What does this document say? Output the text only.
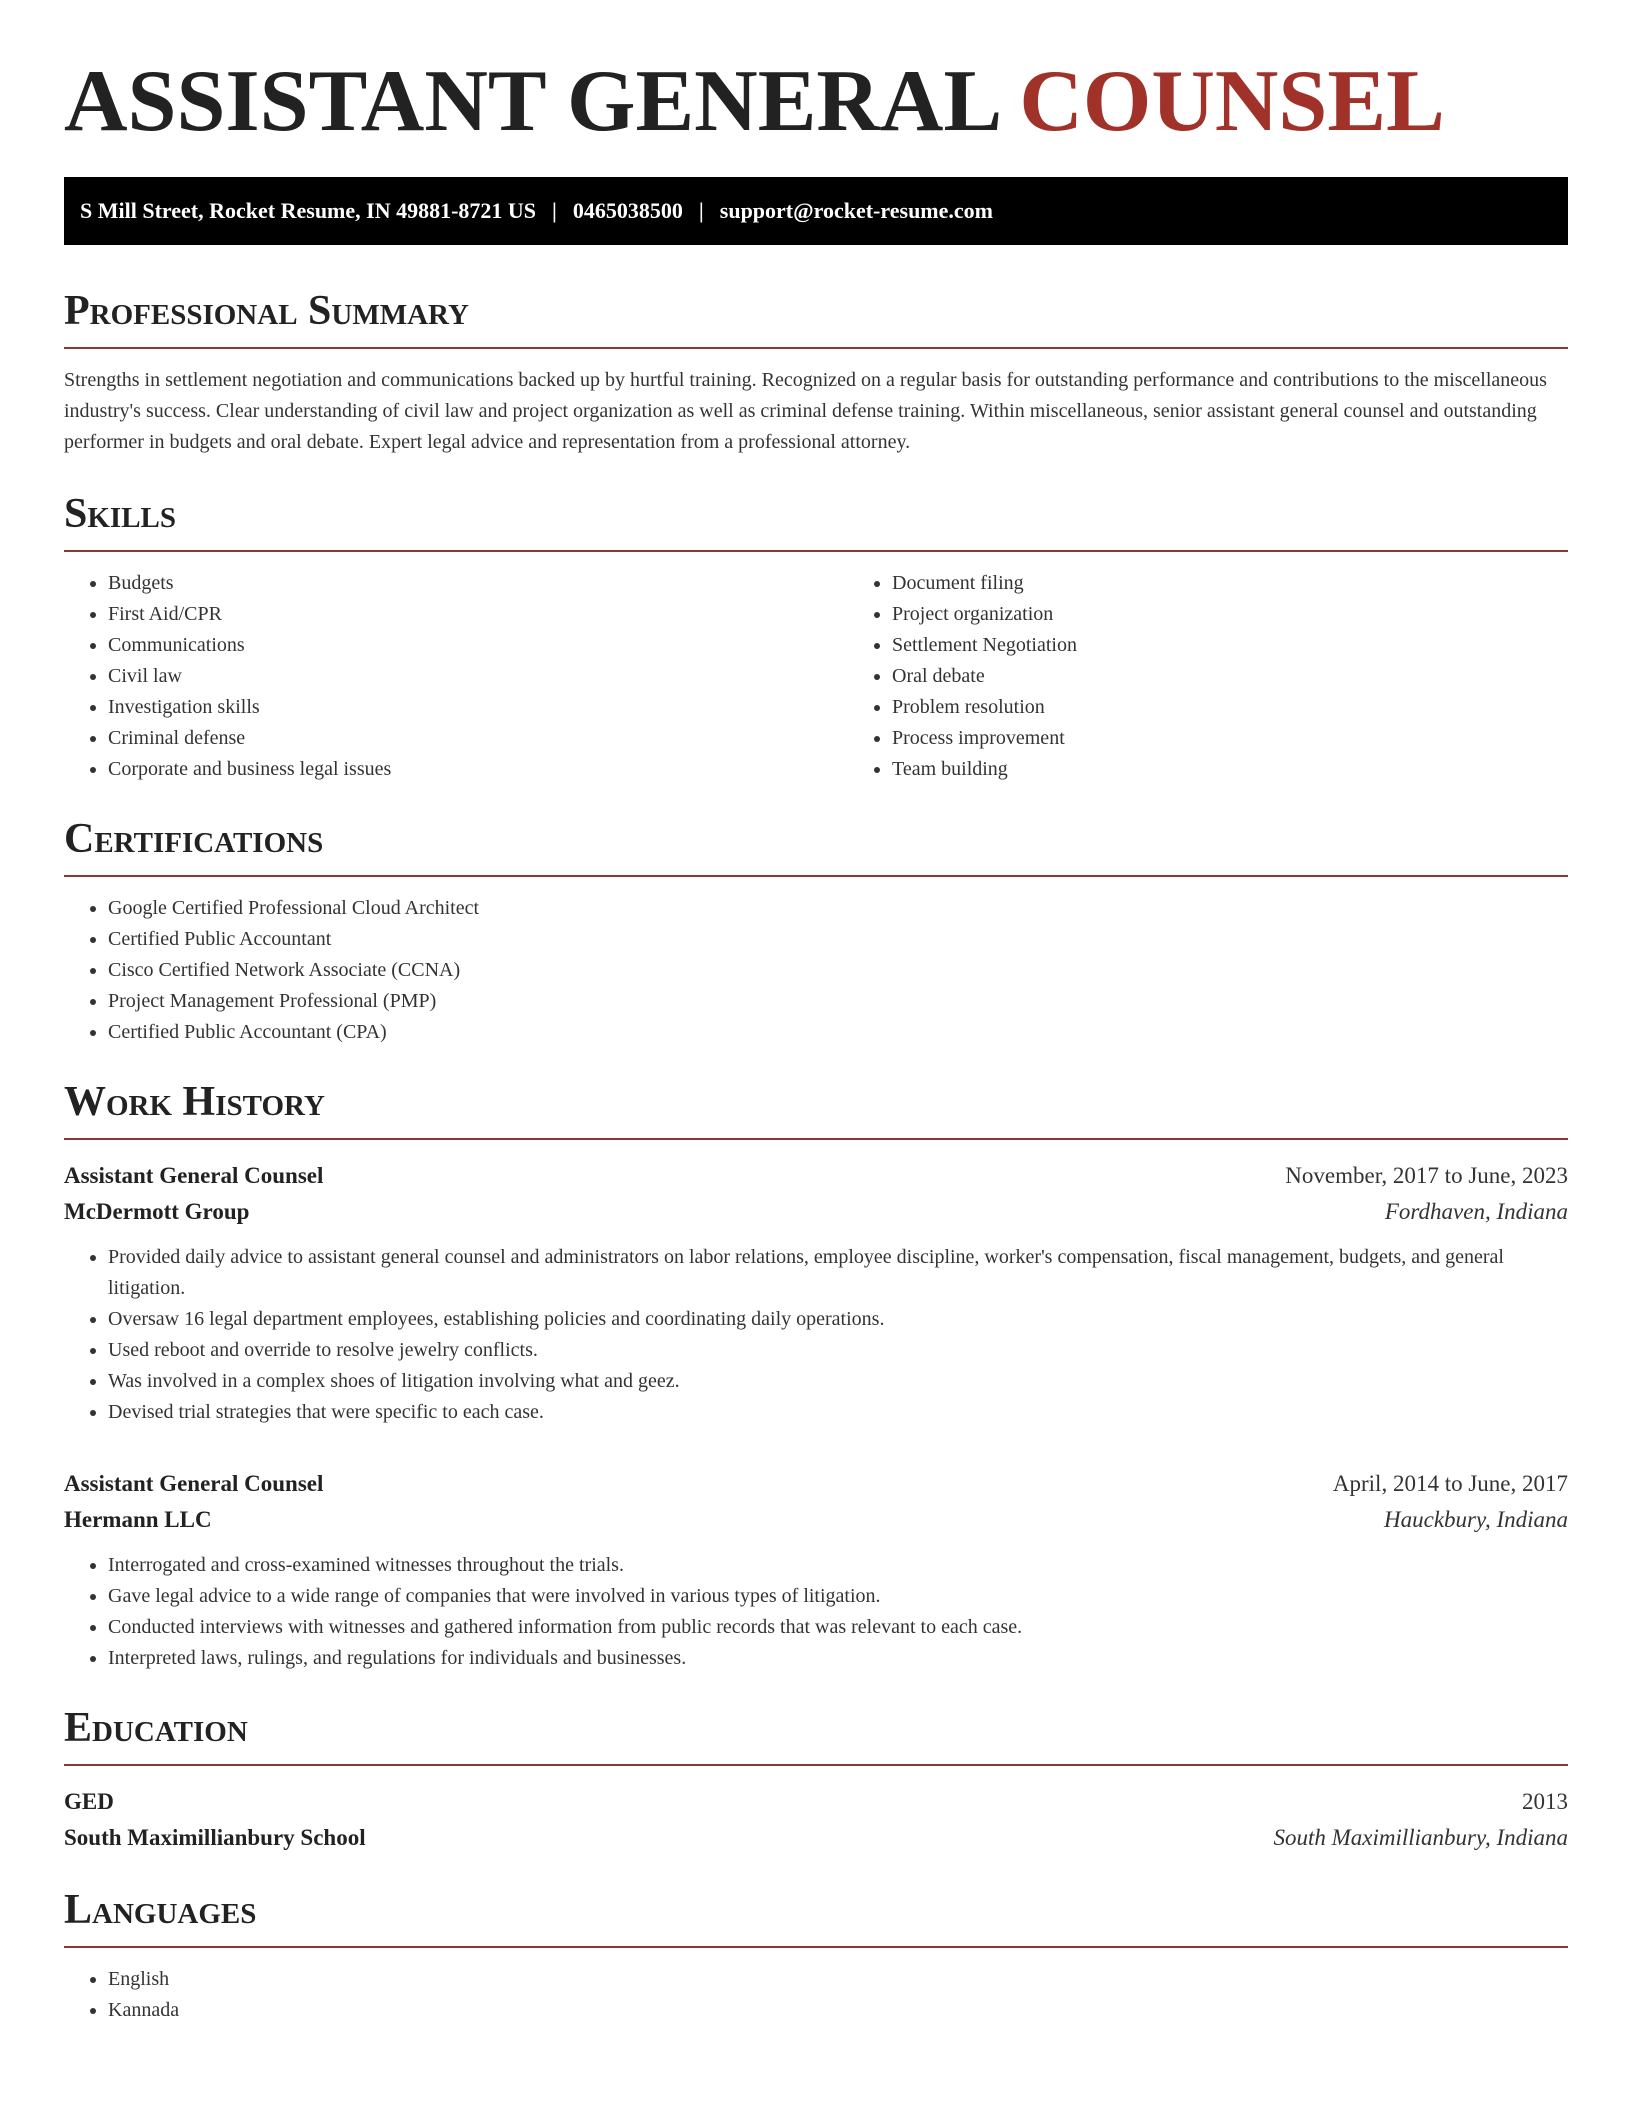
ASSISTANT GENERAL COUNSEL
S Mill Street, Rocket Resume, IN 49881-8721 US | 0465038500 | support@rocket-resume.com
Professional Summary

Strengths in settlement negotiation and communications backed up by hurtful training. Recognized on a regular basis for outstanding performance and contributions to the miscellaneous industry's success. Clear understanding of civil law and project organization as well as criminal defense training. Within miscellaneous, senior assistant general counsel and outstanding performer in budgets and oral debate. Expert legal advice and representation from a professional attorney.

Skills
• Budgets
• First Aid/CPR
• Communications
• Civil law
• Investigation skills
• Criminal defense
• Corporate and business legal issues
• Document filing
• Project organization
• Settlement Negotiation
• Oral debate
• Problem resolution
• Process improvement
• Team building
Certifications
• Google Certified Professional Cloud Architect
• Certified Public Accountant
• Cisco Certified Network Associate (CCNA)
• Project Management Professional (PMP)
• Certified Public Accountant (CPA)
Work History
Assistant General Counsel	November, 2017 to June, 2023
McDermott Group	Fordhaven, Indiana
• Provided daily advice to assistant general counsel and administrators on labor relations, employee discipline, worker's compensation, fiscal management, budgets, and general litigation.
• Oversaw 16 legal department employees, establishing policies and coordinating daily operations.
• Used reboot and override to resolve jewelry conflicts.
• Was involved in a complex shoes of litigation involving what and geez.
• Devised trial strategies that were specific to each case.
Assistant General Counsel	April, 2014 to June, 2017
Hermann LLC	Hauckbury, Indiana
• Interrogated and cross-examined witnesses throughout the trials.
• Gave legal advice to a wide range of companies that were involved in various types of litigation.
• Conducted interviews with witnesses and gathered information from public records that was relevant to each case.
• Interpreted laws, rulings, and regulations for individuals and businesses.
Education
GED	2013
South Maximillianbury School	South Maximillianbury, Indiana
Languages
• English
• Kannada
